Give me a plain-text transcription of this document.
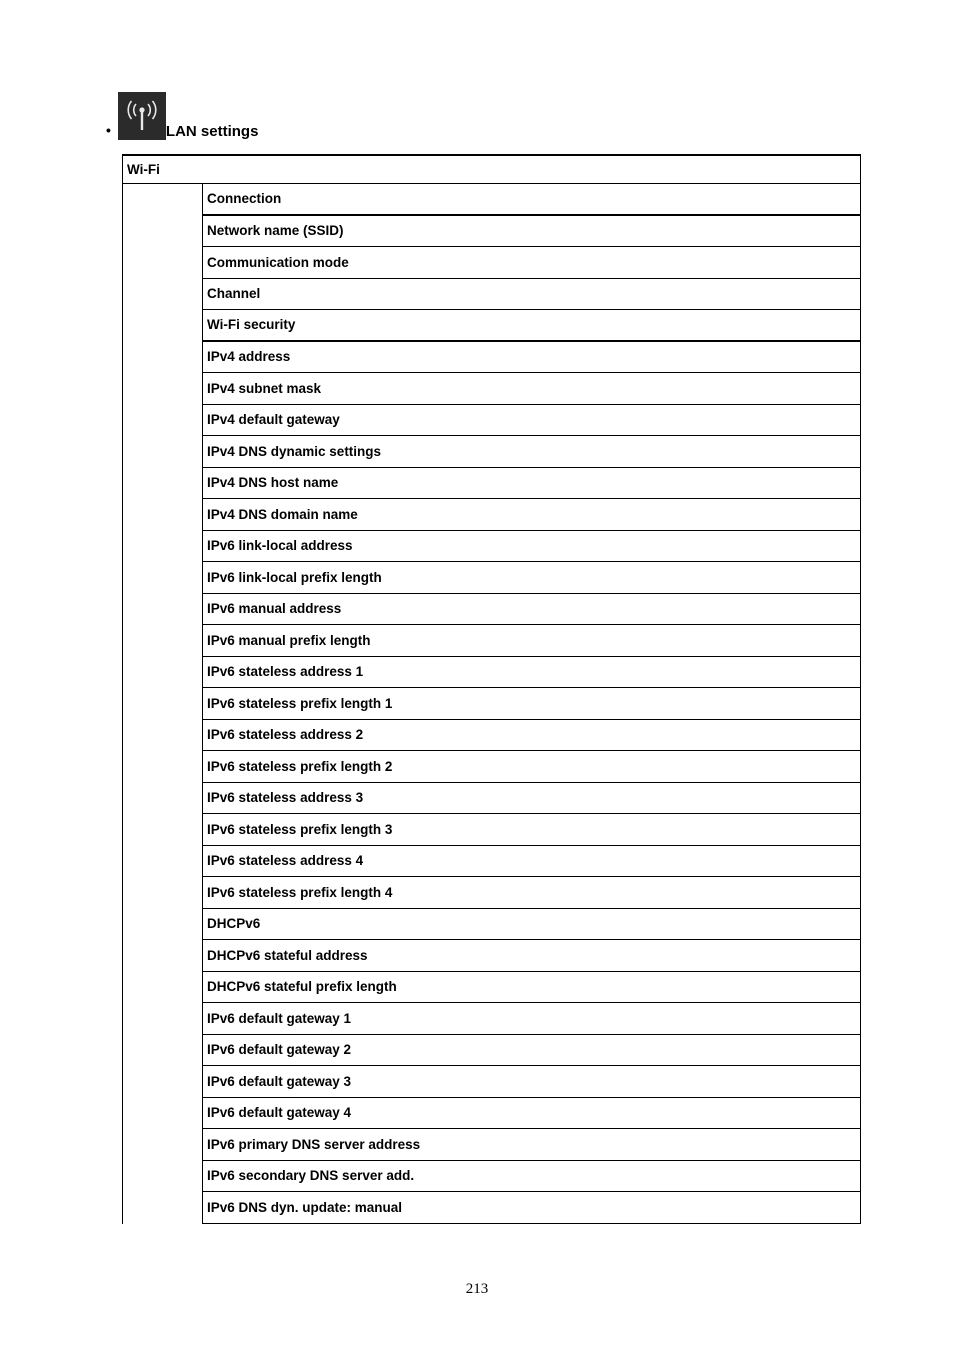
•	LAN settings
Wi-Fi
Connection
Network name (SSID)
Communication mode
Channel
Wi-Fi security
IPv4 address
IPv4 subnet mask
IPv4 default gateway
IPv4 DNS dynamic settings
IPv4 DNS host name
IPv4 DNS domain name
IPv6 link-local address
IPv6 link-local prefix length
IPv6 manual address
IPv6 manual prefix length
IPv6 stateless address 1
IPv6 stateless prefix length 1
IPv6 stateless address 2
IPv6 stateless prefix length 2
IPv6 stateless address 3
IPv6 stateless prefix length 3
IPv6 stateless address 4
IPv6 stateless prefix length 4
DHCPv6
DHCPv6 stateful address
DHCPv6 stateful prefix length
IPv6 default gateway 1
IPv6 default gateway 2
IPv6 default gateway 3
IPv6 default gateway 4
IPv6 primary DNS server address
IPv6 secondary DNS server add.
IPv6 DNS dyn. update: manual
213
